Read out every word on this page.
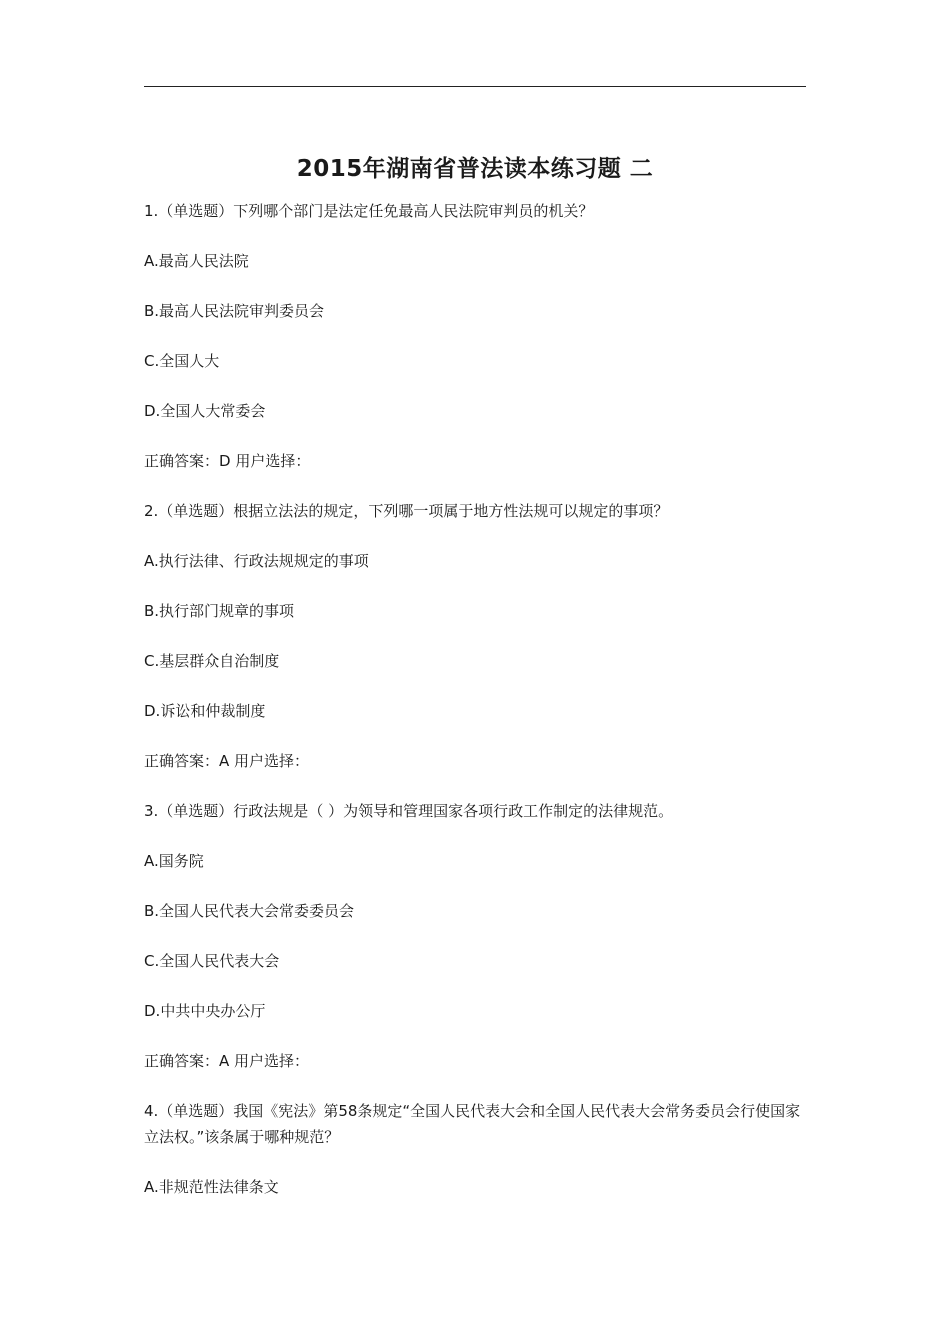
2015年湖南省普法读本练习题 二
1.（单选题）下列哪个部门是法定任免最高人民法院审判员的机关？
A.最高人民法院
B.最高人民法院审判委员会
C.全国人大
D.全国人大常委会
正确答案：D 用户选择：
2.（单选题）根据立法法的规定，下列哪一项属于地方性法规可以规定的事项？
A.执行法律、行政法规规定的事项
B.执行部门规章的事项
C.基层群众自治制度
D.诉讼和仲裁制度
正确答案：A 用户选择：
3.（单选题）行政法规是（ ）为领导和管理国家各项行政工作制定的法律规范。
A.国务院
B.全国人民代表大会常委委员会
C.全国人民代表大会
D.中共中央办公厅
正确答案：A 用户选择：
4.（单选题）我国《宪法》第58条规定“全国人民代表大会和全国人民代表大会常务委员会行使国家立法权。”该条属于哪种规范？
A.非规范性法律条文
